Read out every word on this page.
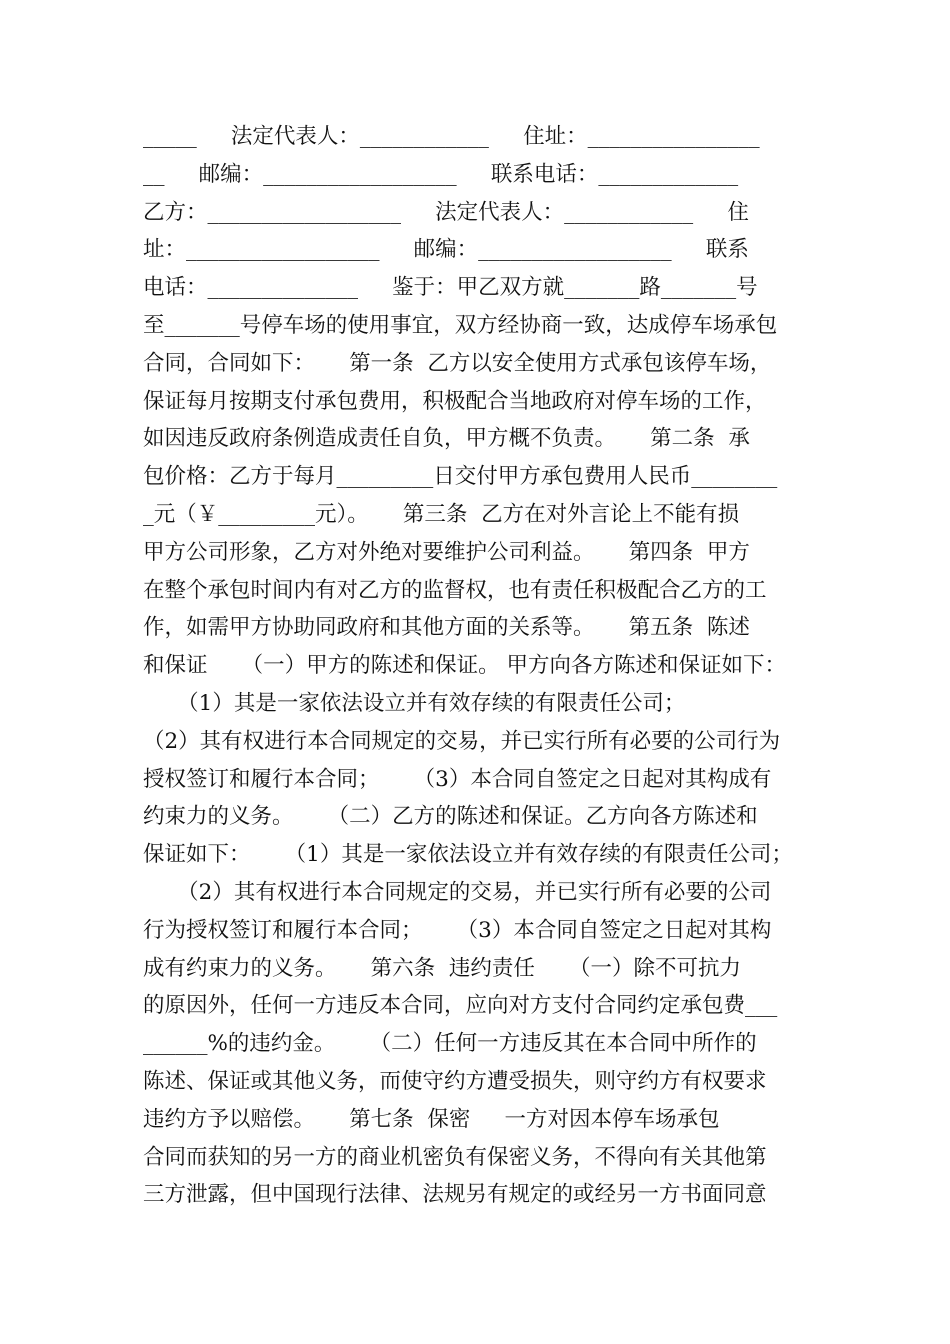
_____     法定代表人：____________     住址：________________
__     邮编：__________________     联系电话：_____________
乙方：__________________     法定代表人：____________     住
址：__________________     邮编：__________________     联系
电话：______________     鉴于：甲乙双方就_______路_______号
至_______号停车场的使用事宜，双方经协商一致，达成停车场承包
合同，合同如下：     第一条  乙方以安全使用方式承包该停车场，
保证每月按期支付承包费用，积极配合当地政府对停车场的工作，
如因违反政府条例造成责任自负，甲方概不负责。     第二条  承
包价格：乙方于每月_________日交付甲方承包费用人民币________
_元（￥_________元）。     第三条  乙方在对外言论上不能有损
甲方公司形象，乙方对外绝对要维护公司利益。     第四条  甲方
在整个承包时间内有对乙方的监督权，也有责任积极配合乙方的工
作，如需甲方协助同政府和其他方面的关系等。     第五条  陈述
和保证     （一）甲方的陈述和保证。 甲方向各方陈述和保证如下：
（1）其是一家依法设立并有效存续的有限责任公司；
（2）其有权进行本合同规定的交易，并已实行所有必要的公司行为
授权签订和履行本合同；     （3）本合同自签定之日起对其构成有
约束力的义务。     （二）乙方的陈述和保证。乙方向各方陈述和
保证如下：     （1）其是一家依法设立并有效存续的有限责任公司；
（2）其有权进行本合同规定的交易，并已实行所有必要的公司
行为授权签订和履行本合同；     （3）本合同自签定之日起对其构
成有约束力的义务。     第六条  违约责任     （一）除不可抗力
的原因外，任何一方违反本合同，应向对方支付合同约定承包费___
______%的违约金。     （二）任何一方违反其在本合同中所作的
陈述、保证或其他义务，而使守约方遭受损失，则守约方有权要求
违约方予以赔偿。     第七条  保密     一方对因本停车场承包
合同而获知的另一方的商业机密负有保密义务，不得向有关其他第
三方泄露，但中国现行法律、法规另有规定的或经另一方书面同意
